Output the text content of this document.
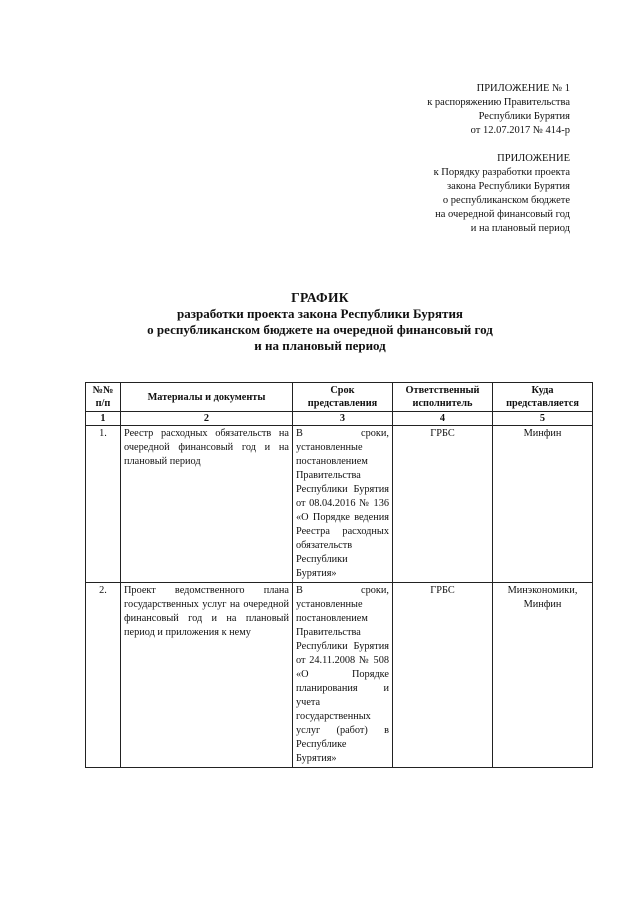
ПРИЛОЖЕНИЕ № 1
к распоряжению Правительства
Республики Бурятия
от 12.07.2017 № 414-р
ПРИЛОЖЕНИЕ
к Порядку разработки проекта
закона Республики Бурятия
о республиканском бюджете
на очередной финансовый год
и на плановый период
ГРАФИК
разработки проекта закона Республики Бурятия
о республиканском бюджете на очередной финансовый год
и на плановый период
№№ п/п	Материалы и документы	Срок представления	Ответственный исполнитель	Куда представляется
1	2	3	4	5
1.	Реестр расходных обязательств на очередной финансовый год и на плановый период	В сроки, установленные постановлением Правительства Республики Бурятия от 08.04.2016 № 136 «О Порядке ведения Реестра расходных обязательств Республики Бурятия»	ГРБС	Минфин
2.	Проект ведомственного плана государственных услуг на очередной финансовый год и на плановый период и приложения к нему	В сроки, установленные постановлением Правительства Республики Бурятия от 24.11.2008 № 508 «О Порядке планирования и учета государственных услуг (работ) в Республике Бурятия»	ГРБС	Минэкономики, Минфин
